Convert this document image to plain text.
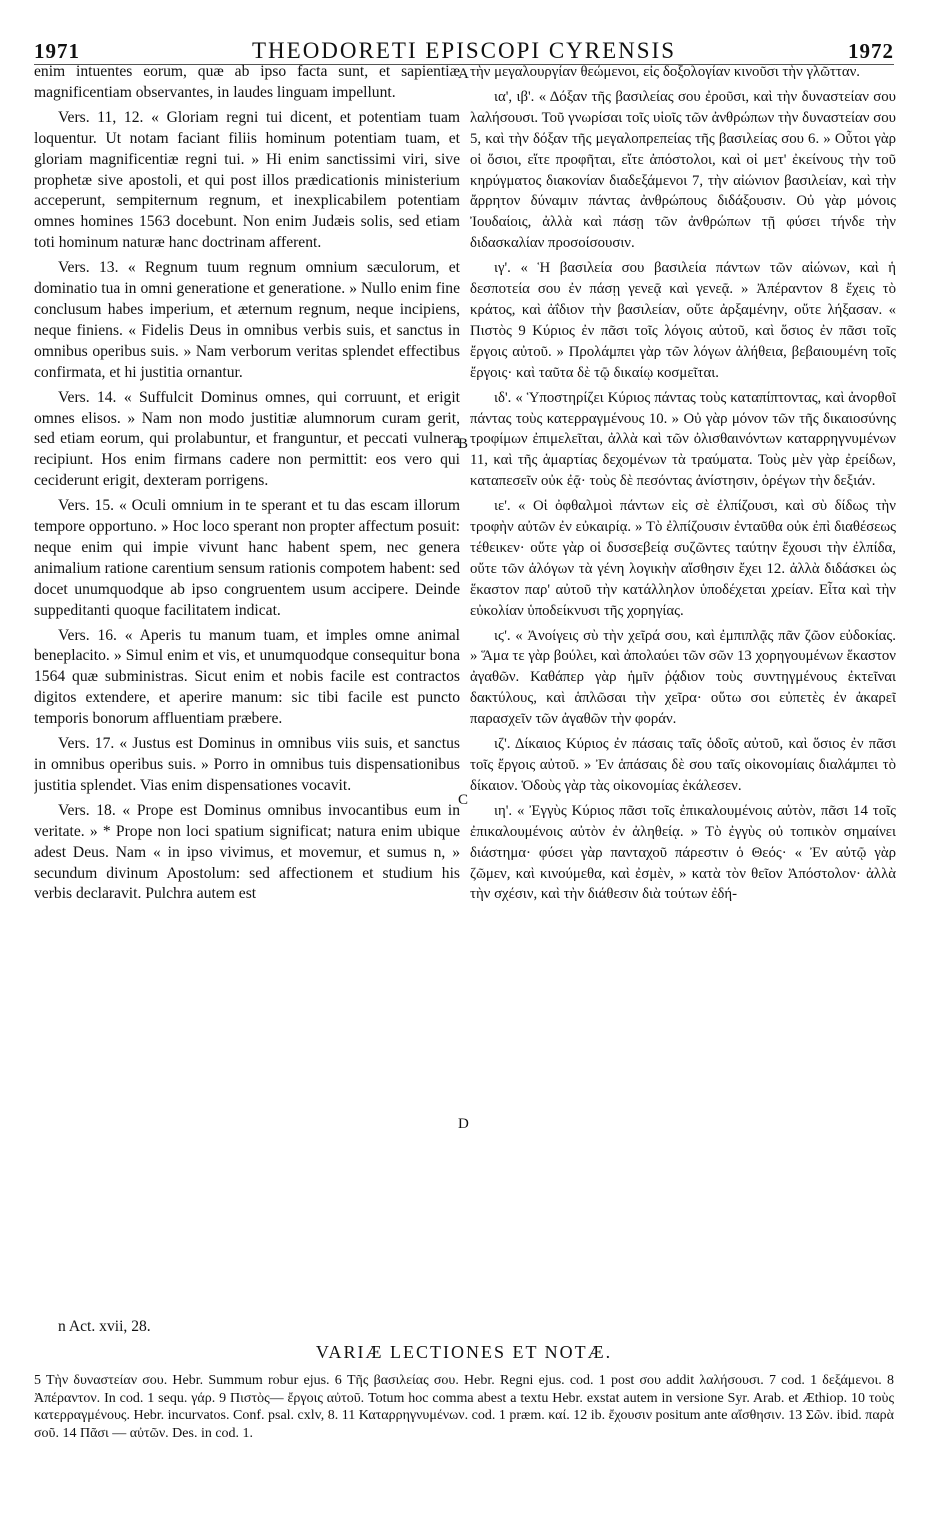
1971	THEODORETI EPISCOPI CYRENSIS	1972

enim intuentes eorum, quæ ab ipso facta sunt, et sapientiæ magnificentiam observantes, in laudes linguam impellunt.

Vers. 11, 12. « Gloriam regni tui dicent, et potentiam tuam loquentur. Ut notam faciant filiis hominum potentiam tuam, et gloriam magnificentiæ regni tui. » Hi enim sanctissimi viri, sive prophetæ sive apostoli, et qui post illos prædicationis ministerium acceperunt, sempiternum regnum, et inexplicabilem potentiam omnes homines 1563 docebunt. Non enim Judæis solis, sed etiam toti hominum naturæ hanc doctrinam afferent.

Vers. 13. « Regnum tuum regnum omnium sæculorum, et dominatio tua in omni generatione et generatione. » Nullo enim fine conclusum habes imperium, et æternum regnum, neque incipiens, neque finiens. « Fidelis Deus in omnibus verbis suis, et sanctus in omnibus operibus suis. » Nam verborum veritas splendet effectibus confirmata, et hi justitia ornantur.

Vers. 14. « Suffulcit Dominus omnes, qui corruunt, et erigit omnes elisos. » Nam non modo justitiæ alumnorum curam gerit, sed etiam eorum, qui prolabuntur, et franguntur, et peccati vulnera recipiunt. Hos enim firmans cadere non permittit: eos vero qui ceciderunt erigit, dexteram porrigens.

Vers. 15. « Oculi omnium in te sperant et tu das escam illorum tempore opportuno. » Hoc loco sperant non propter affectum posuit: neque enim qui impie vivunt hanc habent spem, nec genera animalium ratione carentium sensum rationis compotem habent: sed docet unumquodque ab ipso congruentem usum accipere. Deinde suppeditanti quoque facilitatem indicat.

Vers. 16. « Aperis tu manum tuam, et imples omne animal beneplacito. » Simul enim et vis, et unumquodque consequitur bona 1564 quæ subministras. Sicut enim et nobis facile est contractos digitos extendere, et aperire manum: sic tibi facile est puncto temporis bonorum affluentiam præbere.

Vers. 17. « Justus est Dominus in omnibus viis suis, et sanctus in omnibus operibus suis. » Porro in omnibus tuis dispensationibus justitia splendet. Vias enim dispensationes vocavit.

Vers. 18. « Prope est Dominus omnibus invocantibus eum in veritate. » * Prope non loci spatium significat; natura enim ubique adest Deus. Nam « in ipso vivimus, et movemur, et sumus n, » secundum divinum Apostolum: sed affectionem et studium his verbis declaravit. Pulchra autem est

A
B
C
D

τὴν μεγαλουργίαν θεώμενοι, εἰς δοξολογίαν κινοῦσι τὴν γλῶτταν.

ια', ιβ'. « Δόξαν τῆς βασιλείας σου ἐροῦσι, καὶ τὴν δυναστείαν σου λαλήσουσι. Τοῦ γνωρίσαι τοῖς υἱοῖς τῶν ἀνθρώπων τὴν δυναστείαν σου 5, καὶ τὴν δόξαν τῆς μεγαλοπρεπείας τῆς βασιλείας σου 6. » Οὗτοι γὰρ οἱ ὅσιοι, εἴτε προφῆται, εἴτε ἀπόστολοι, καὶ οἱ μετ' ἐκείνους τὴν τοῦ κηρύγματος διακονίαν διαδεξάμενοι 7, τὴν αἰώνιον βασιλείαν, καὶ τὴν ἄρρητον δύναμιν πάντας ἀνθρώπους διδάξουσιν. Οὐ γὰρ μόνοις Ἰουδαίοις, ἀλλὰ καὶ πάσῃ τῶν ἀνθρώπων τῇ φύσει τήνδε τὴν διδασκαλίαν προσοίσουσιν.

ιγ'. « Ἡ βασιλεία σου βασιλεία πάντων τῶν αἰώνων, καὶ ἡ δεσποτεία σου ἐν πάσῃ γενεᾷ καὶ γενεᾷ. » Ἀπέραντον 8 ἔχεις τὸ κράτος, καὶ ἀΐδιον τὴν βασιλείαν, οὔτε ἀρξαμένην, οὔτε λήξασαν. « Πιστὸς 9 Κύριος ἐν πᾶσι τοῖς λόγοις αὐτοῦ, καὶ ὅσιος ἐν πᾶσι τοῖς ἔργοις αὐτοῦ. » Προλάμπει γὰρ τῶν λόγων ἀλήθεια, βεβαιουμένη τοῖς ἔργοις· καὶ ταῦτα δὲ τῷ δικαίῳ κοσμεῖται.

ιδ'. « Ὑποστηρίζει Κύριος πάντας τοὺς καταπίπτοντας, καὶ ἀνορθοῖ πάντας τοὺς κατερραγμένους 10. » Οὐ γὰρ μόνον τῶν τῆς δικαιοσύνης τροφίμων ἐπιμελεῖται, ἀλλὰ καὶ τῶν ὀλισθαινόντων καταρρηγνυμένων 11, καὶ τῆς ἁμαρτίας δεχομένων τὰ τραύματα. Τοὺς μὲν γὰρ ἐρείδων, καταπεσεῖν οὐκ ἐᾷ· τοὺς δὲ πεσόντας ἀνίστησιν, ὀρέγων τὴν δεξιάν.

ιε'. « Οἱ ὀφθαλμοὶ πάντων εἰς σὲ ἐλπίζουσι, καὶ σὺ δίδως τὴν τροφὴν αὐτῶν ἐν εὐκαιρίᾳ. » Τὸ ἐλπίζουσιν ἐνταῦθα οὐκ ἐπὶ διαθέσεως τέθεικεν· οὔτε γὰρ οἱ δυσσεβείᾳ συζῶντες ταύτην ἔχουσι τὴν ἐλπίδα, οὔτε τῶν ἀλόγων τὰ γένη λογικὴν αἴσθησιν ἔχει 12. ἀλλὰ διδάσκει ὡς ἕκαστον παρ' αὐτοῦ τὴν κατάλληλον ὑποδέχεται χρείαν. Εἶτα καὶ τὴν εὐκολίαν ὑποδείκνυσι τῆς χορηγίας.

ιϛ'. « Ἀνοίγεις σὺ τὴν χεῖρά σου, καὶ ἐμπιπλᾷς πᾶν ζῶον εὐδοκίας. » Ἅμα τε γὰρ βούλει, καὶ ἀπολαύει τῶν σῶν 13 χορηγουμένων ἕκαστον ἀγαθῶν. Καθάπερ γὰρ ἡμῖν ῥᾴδιον τοὺς συντηγμένους ἐκτεῖναι δακτύλους, καὶ ἁπλῶσαι τὴν χεῖρα· οὕτω σοι εὐπετὲς ἐν ἀκαρεῖ παρασχεῖν τῶν ἀγαθῶν τὴν φοράν.

ιζ'. Δίκαιος Κύριος ἐν πάσαις ταῖς ὁδοῖς αὐτοῦ, καὶ ὅσιος ἐν πᾶσι τοῖς ἔργοις αὐτοῦ. » Ἐν ἁπάσαις δὲ σου ταῖς οἰκονομίαις διαλάμπει τὸ δίκαιον. Ὁδοὺς γὰρ τὰς οἰκονομίας ἐκάλεσεν.

ιη'. « Ἐγγὺς Κύριος πᾶσι τοῖς ἐπικαλουμένοις αὐτὸν, πᾶσι 14 τοῖς ἐπικαλουμένοις αὐτὸν ἐν ἀληθείᾳ. » Τὸ ἐγγὺς οὐ τοπικὸν σημαίνει διάστημα· φύσει γὰρ πανταχοῦ πάρεστιν ὁ Θεός· « Ἐν αὐτῷ γὰρ ζῶμεν, καὶ κινούμεθα, καὶ ἐσμὲν, » κατὰ τὸν θεῖον Ἀπόστολον· ἀλλὰ τὴν σχέσιν, καὶ τὴν διάθεσιν διὰ τούτων ἐδή-

n Act. xvii, 28.
VARIÆ LECTIONES ET NOTÆ.
5 Τὴν δυναστείαν σου. Hebr. Summum robur ejus. 6 Τῆς βασιλείας σου. Hebr. Regni ejus. cod. 1 post σου addit λαλήσουσι. 7 cod. 1 δεξάμενοι. 8 Ἀπέραντον. In cod. 1 sequ. γάρ. 9 Πιστὸς— ἔργοις αὐτοῦ. Totum hoc comma abest a textu Hebr. exstat autem in versione Syr. Arab. et Æthiop. 10 τοὺς κατερραγμένους. Hebr. incurvatos. Conf. psal. cxlv, 8. 11 Καταρρηγνυμένων. cod. 1 præm. καί. 12 ib. ἔχουσιν positum ante αἴσθησιν. 13 Σῶν. ibid. παρὰ σοῦ. 14 Πᾶσι — αὐτῶν. Des. in cod. 1.
